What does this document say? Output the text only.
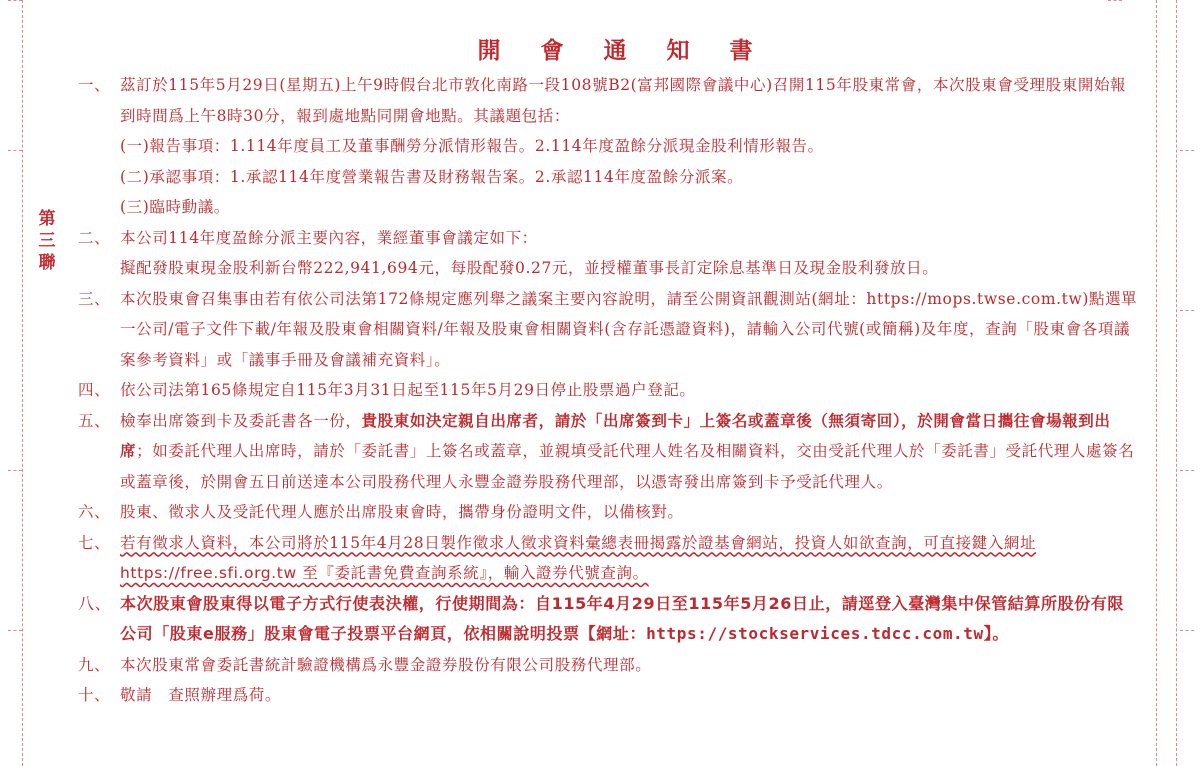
第
三
聯
開 會 通 知 書
一、 茲訂於115年5月29日(星期五)上午9時假台北市敦化南路一段108號B2(富邦國際會議中心)召開115年股東常會，本次股東會受理股東開始報到時間爲上午8時30分，報到處地點同開會地點。其議題包括：
(一)報告事項：1.114年度員工及董事酬勞分派情形報告。2.114年度盈餘分派現金股利情形報告。
(二)承認事項：1.承認114年度營業報告書及財務報告案。2.承認114年度盈餘分派案。
(三)臨時動議。
二、 本公司114年度盈餘分派主要內容，業經董事會議定如下：
擬配發股東現金股利新台幣222,941,694元，每股配發0.27元，並授權董事長訂定除息基準日及現金股利發放日。
三、 本次股東會召集事由若有依公司法第172條規定應列舉之議案主要內容說明，請至公開資訊觀測站(網址：https://mops.twse.com.tw)點選單一公司/電子文件下載/年報及股東會相關資料/年報及股東會相關資料(含存託憑證資料)，請輸入公司代號(或簡稱)及年度，查詢「股東會各項議案參考資料」或「議事手冊及會議補充資料」。
四、 依公司法第165條規定自115年3月31日起至115年5月29日停止股票過户登記。
五、 檢奉出席簽到卡及委託書各一份，貴股東如決定親自出席者，請於「出席簽到卡」上簽名或蓋章後（無須寄回），於開會當日攜往會場報到出席；如委託代理人出席時，請於「委託書」上簽名或蓋章，並親填受託代理人姓名及相關資料，交由受託代理人於「委託書」受託代理人處簽名或蓋章後，於開會五日前送達本公司股務代理人永豐金證券股務代理部，以憑寄發出席簽到卡予受託代理人。
六、 股東、徵求人及受託代理人應於出席股東會時，攜帶身份證明文件，以備核對。
七、 若有徵求人資料，本公司將於115年4月28日製作徵求人徵求資料彙總表冊揭露於證基會網站，投資人如欲查詢，可直接鍵入網址 https://free.sfi.org.tw 至『委託書免費查詢系統』，輸入證券代號查詢。
八、 本次股東會股東得以電子方式行使表決權，行使期間為：自115年4月29日至115年5月26日止，請逕登入臺灣集中保管結算所股份有限公司「股東e服務」股東會電子投票平台網頁，依相關說明投票【網址：https://stockservices.tdcc.com.tw】。
九、 本次股東常會委託書統計驗證機構爲永豐金證券股份有限公司股務代理部。
十、 敬請　查照辦理爲荷。
